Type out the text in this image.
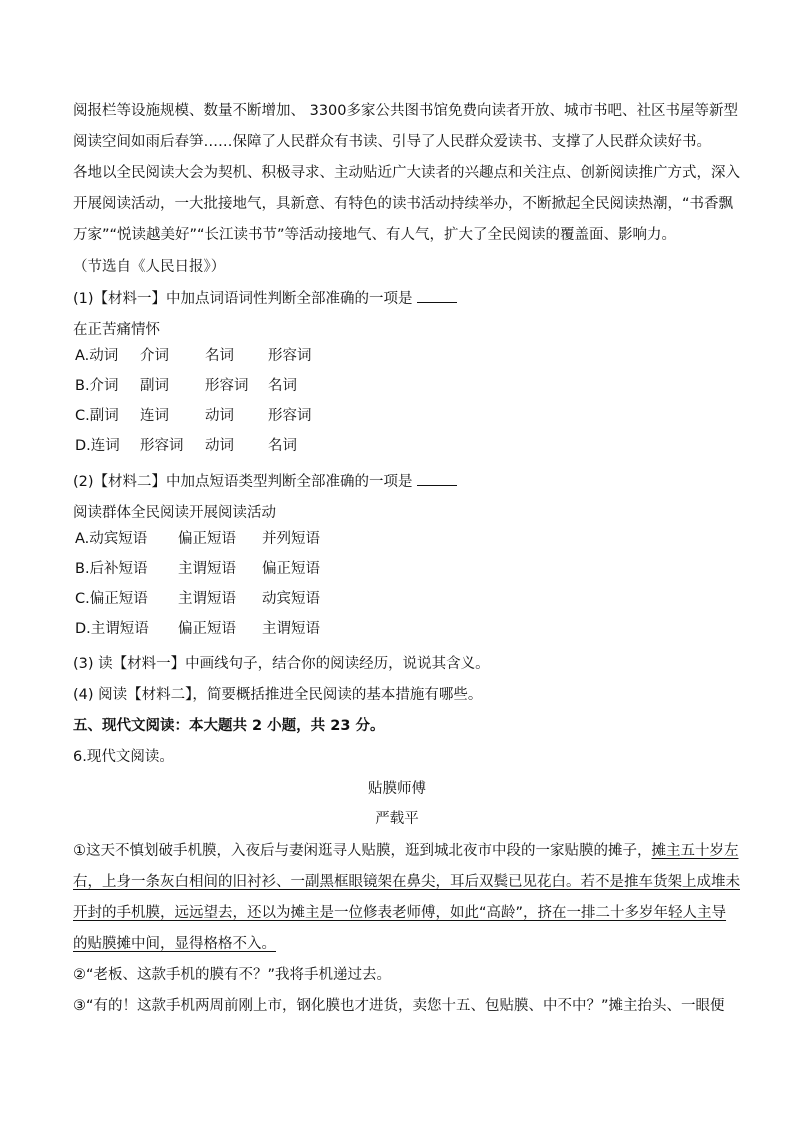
阅报栏等设施规模、数量不断增加、 3300多家公共图书馆免费向读者开放、城市书吧、社区书屋等新型
阅读空间如雨后春笋……保障了人民群众有书读、引导了人民群众爱读书、支撑了人民群众读好书。
各地以全民阅读大会为契机、积极寻求、主动贴近广大读者的兴趣点和关注点、创新阅读推广方式，深入
开展阅读活动，一大批接地气，具新意、有特色的读书活动持续举办，不断掀起全民阅读热潮，“书香飘
万家”“悦读越美好”“长江读书节”等活动接地气、有人气，扩大了全民阅读的覆盖面、影响力。
（节选自《人民日报》）
(1)【材料一】中加点词语词性判断全部准确的一项是
在正苦痛情怀
A.动词 介词 名词 形容词
B.介词 副词 形容词 名词
C.副词 连词 动词 形容词
D.连词 形容词 动词 名词
(2)【材料二】中加点短语类型判断全部准确的一项是
阅读群体全民阅读开展阅读活动
A.动宾短语 偏正短语 并列短语
B.后补短语 主谓短语 偏正短语
C.偏正短语 主谓短语 动宾短语
D.主谓短语 偏正短语 主谓短语
(3) 读【材料一】中画线句子，结合你的阅读经历，说说其含义。
(4) 阅读【材料二】，简要概括推进全民阅读的基本措施有哪些。
五、现代文阅读：本大题共 2 小题，共 23 分。
6.现代文阅读。
贴膜师傅
严载平
①这天不慎划破手机膜，入夜后与妻闲逛寻人贴膜，逛到城北夜市中段的一家贴膜的摊子，摊主五十岁左
右，上身一条灰白相间的旧衬衫、一副黑框眼镜架在鼻尖，耳后双鬓已见花白。若不是推车货架上成堆未
开封的手机膜，远远望去，还以为摊主是一位修表老师傅，如此“高龄”，挤在一排二十多岁年轻人主导
的贴膜摊中间，显得格格不入。
②“老板、这款手机的膜有不？”我将手机递过去。
③“有的！这款手机两周前刚上市，钢化膜也才进货，卖您十五、包贴膜、中不中？”摊主抬头、一眼便
